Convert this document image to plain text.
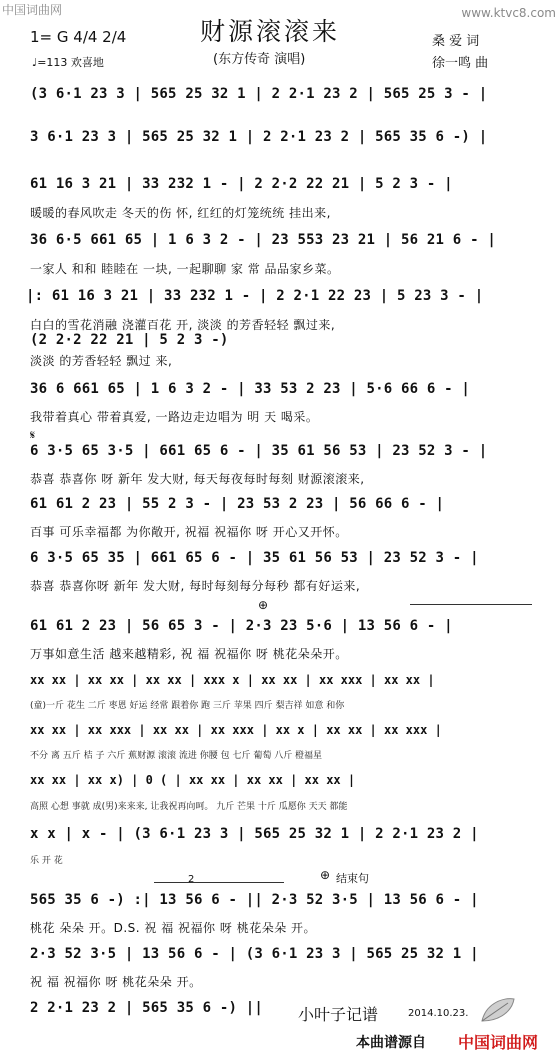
中国词曲网	www.ktvc8.com
1= G 4/4 2/4
♩=113 欢喜地
财源滚滚来
(东方传奇 演唱)
桑 爱 词
徐一鸣 曲
(3 6·1 23 3 | 565 25 32 1 | 2 2·1 23 2 | 565 25 3 - |
3 6·1 23 3 | 565 25 32 1 | 2 2·1 23 2 | 565 35 6 -) |
61 16 3 21 | 33 232 1 - | 2 2·2 22 21 | 5 2 3 - |
暖暖的春风吹走 冬天的伤 怀, 红红的灯笼统统 挂出来,
36 6·5 661 65 | 1 6 3 2 - | 23 553 23 21 | 56 21 6 - |
一家人 和和 睦睦在 一块, 一起聊聊 家 常 品品家乡菜。
|: 61 16 3 21 | 33 232 1 - | 2 2·1 22 23 | 5 23 3 - |
白白的雪花消融 浇灌百花 开, 淡淡 的芳香轻轻 飘过来,
(2 2·2 22 21 | 5 2 3 -)
淡淡 的芳香轻轻 飘过 来,
36 6 661 65 | 1 6 3 2 - | 33 53 2 23 | 5·6 66 6 - |
我带着真心 带着真爱, 一路边走边唱为 明 天 喝采。
𝄋
6 3·5 65 3·5 | 661 65 6 - | 35 61 56 53 | 23 52 3 - |
恭喜 恭喜你 呀 新年 发大财, 每天每夜每时每刻 财源滚滚来,
61 61 2 23 | 55 2 3 - | 23 53 2 23 | 56 66 6 - |
百事 可乐幸福都 为你敞开, 祝福 祝福你 呀 开心又开怀。
6 3·5 65 35 | 661 65 6 - | 35 61 56 53 | 23 52 3 - |
恭喜 恭喜你呀 新年 发大财, 每时每刻每分每秒 都有好运来,
⊕
61 61 2 23 | 56 65 3 - | 2·3 23 5·6 | 13 56 6 - |
万事如意生活 越来越精彩, 祝 福 祝福你 呀 桃花朵朵开。
xx xx | xx xx | xx xx | xxx x | xx xx | xx xxx | xx xx |
(童)一斤 花生 二斤 枣恩 好运 经常 跟着你 跑 三斤 苹果 四斤 梨吉祥 如意 和你
xx xx | xx xxx | xx xx | xx xxx | xx x | xx xx | xx xxx |
不分 离 五斤 桔 子 六斤 蕉财源 滚滚 流进 你腰 包 七斤 葡萄 八斤 橙福星
xx xx | xx x) | 0 ( | xx xx | xx xx | xx xx |
高照 心想 事就 成(男)来来来, 让我祝再向呵。 九斤 芒果 十斤 瓜愿你 天天 都能
x x | x - | (3 6·1 23 3 | 565 25 32 1 | 2 2·1 23 2 |
乐 开 花
2	结束句
⊕
565 35 6 -) :| 13 56 6 - || 2·3 52 3·5 | 13 56 6 - |
桃花 朵朵 开。D.S. 祝 福 祝福你 呀 桃花朵朵 开。
2·3 52 3·5 | 13 56 6 - | (3 6·1 23 3 | 565 25 32 1 |
祝 福 祝福你 呀 桃花朵朵 开。
2 2·1 23 2 | 565 35 6 -) || 小叶子记谱	2014.10.23.
本曲谱源自 中国词曲网
